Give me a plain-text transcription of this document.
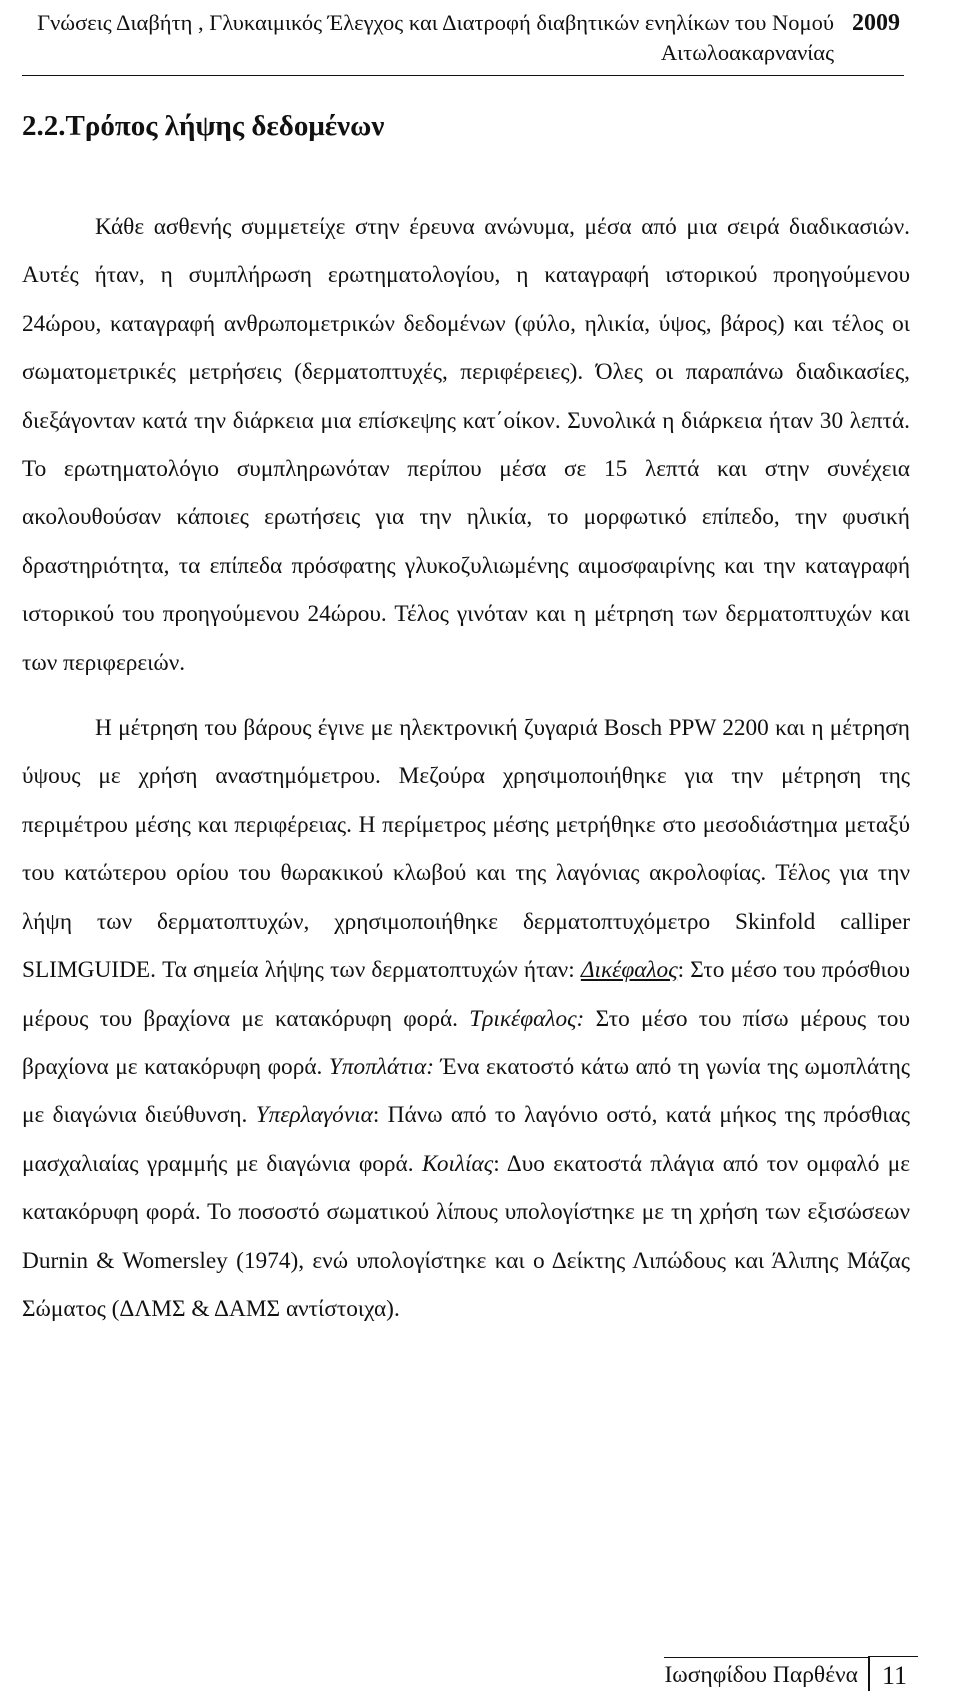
Γνώσεις Διαβήτη , Γλυκαιμικός Έλεγχος και Διατροφή διαβητικών ενηλίκων του Νομού Αιτωλοακαρνανίας
2009
2.2.Τρόπος λήψης δεδομένων

Κάθε ασθενής συμμετείχε στην έρευνα ανώνυμα, μέσα από μια σειρά διαδικασιών. Αυτές ήταν, η συμπλήρωση ερωτηματολογίου, η καταγραφή ιστορικού προηγούμενου 24ώρου, καταγραφή ανθρωπομετρικών δεδομένων (φύλο, ηλικία, ύψος, βάρος) και τέλος οι σωματομετρικές μετρήσεις (δερματοπτυχές, περιφέρειες). Όλες οι παραπάνω διαδικασίες, διεξάγονταν κατά την διάρκεια μια επίσκεψης κατ΄οίκον. Συνολικά η διάρκεια ήταν 30 λεπτά. Το ερωτηματολόγιο συμπληρωνόταν περίπου μέσα σε 15 λεπτά και στην συνέχεια ακολουθούσαν κάποιες ερωτήσεις για την ηλικία, το μορφωτικό επίπεδο, την φυσική δραστηριότητα, τα επίπεδα πρόσφατης γλυκοζυλιωμένης αιμοσφαιρίνης και την καταγραφή ιστορικού του προηγούμενου 24ώρου. Τέλος γινόταν και η μέτρηση των δερματοπτυχών και των περιφερειών.

Η μέτρηση του βάρους έγινε με ηλεκτρονική ζυγαριά Bosch PPW 2200 και η μέτρηση ύψους με χρήση αναστημόμετρου. Μεζούρα χρησιμοποιήθηκε για την μέτρηση της περιμέτρου μέσης και περιφέρειας. Η περίμετρος μέσης μετρήθηκε στο μεσοδιάστημα μεταξύ του κατώτερου ορίου του θωρακικού κλωβού και της λαγόνιας ακρολοφίας. Τέλος για την λήψη των δερματοπτυχών, χρησιμοποιήθηκε δερματοπτυχόμετρο Skinfold calliper SLIMGUIDE. Τα σημεία λήψης των δερματοπτυχών ήταν: Δικέφαλος: Στο μέσο του πρόσθιου μέρους του βραχίονα με κατακόρυφη φορά. Τρικέφαλος: Στο μέσο του πίσω μέρους του βραχίονα με κατακόρυφη φορά. Υποπλάτια: Ένα εκατοστό κάτω από τη γωνία της ωμοπλάτης με διαγώνια διεύθυνση. Υπερλαγόνια: Πάνω από το λαγόνιο οστό, κατά μήκος της πρόσθιας μασχαλιαίας γραμμής με διαγώνια φορά. Κοιλίας: Δυο εκατοστά πλάγια από τον ομφαλό με κατακόρυφη φορά. Το ποσοστό σωματικού λίπους υπολογίστηκε με τη χρήση των εξισώσεων Durnin & Womersley (1974), ενώ υπολογίστηκε και ο Δείκτης Λιπώδους και Άλιπης Μάζας Σώματος (ΔΛΜΣ & ΔΑΜΣ αντίστοιχα).

Ιωσηφίδου Παρθένα 11
